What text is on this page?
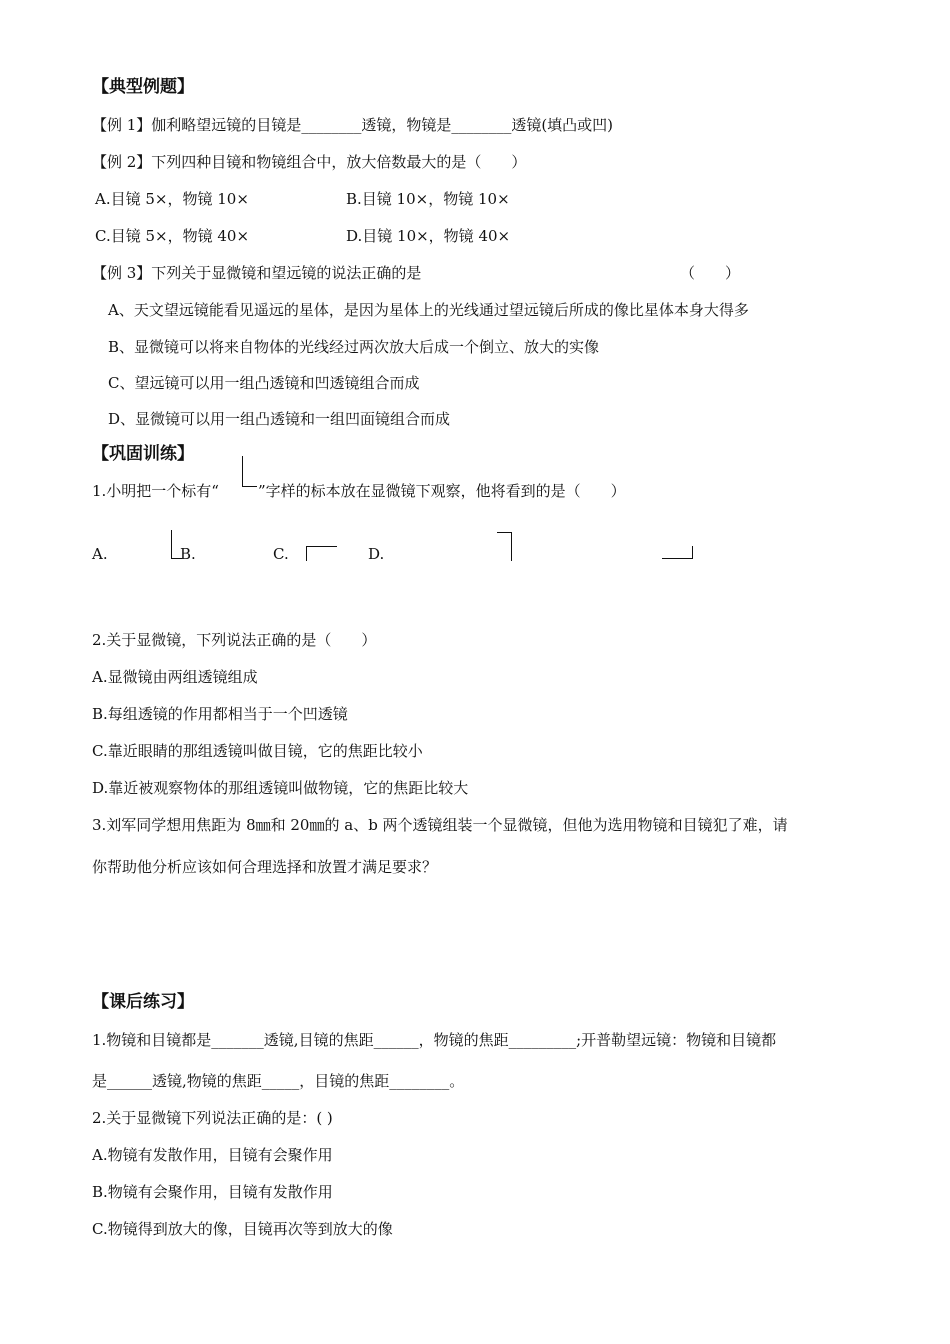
【典型例题】
【例 1】伽利略望远镜的目镜是________透镜，物镜是________透镜(填凸或凹)
【例 2】下列四种目镜和物镜组合中，放大倍数最大的是（　　）
A.目镜 5×，物镜 10×	B.目镜 10×，物镜 10×
C.目镜 5×，物镜 40×	D.目镜 10×，物镜 40×
【例 3】下列关于显微镜和望远镜的说法正确的是	（　　）
A、天文望远镜能看见遥远的星体，是因为星体上的光线通过望远镜后所成的像比星体本身大得多
B、显微镜可以将来自物体的光线经过两次放大后成一个倒立、放大的实像
C、望远镜可以用一组凸透镜和凹透镜组合而成
D、显微镜可以用一组凸透镜和一组凹面镜组合而成
【巩固训练】
1.小明把一个标有“	”字样的标本放在显微镜下观察，他将看到的是（　　）
A.	B.	C.	D.
2.关于显微镜，下列说法正确的是（　　）
A.显微镜由两组透镜组成
B.每组透镜的作用都相当于一个凹透镜
C.靠近眼睛的那组透镜叫做目镜，它的焦距比较小
D.靠近被观察物体的那组透镜叫做物镜，它的焦距比较大
3.刘军同学想用焦距为 8㎜和 20㎜的 a、b 两个透镜组装一个显微镜，但他为选用物镜和目镜犯了难，请
你帮助他分析应该如何合理选择和放置才满足要求？
【课后练习】
1.物镜和目镜都是_______透镜,目镜的焦距______，物镜的焦距_________;开普勒望远镜：物镜和目镜都
是______透镜,物镜的焦距_____，目镜的焦距________。
2.关于显微镜下列说法正确的是：( )
A.物镜有发散作用，目镜有会聚作用
B.物镜有会聚作用，目镜有发散作用
C.物镜得到放大的像，目镜再次等到放大的像
